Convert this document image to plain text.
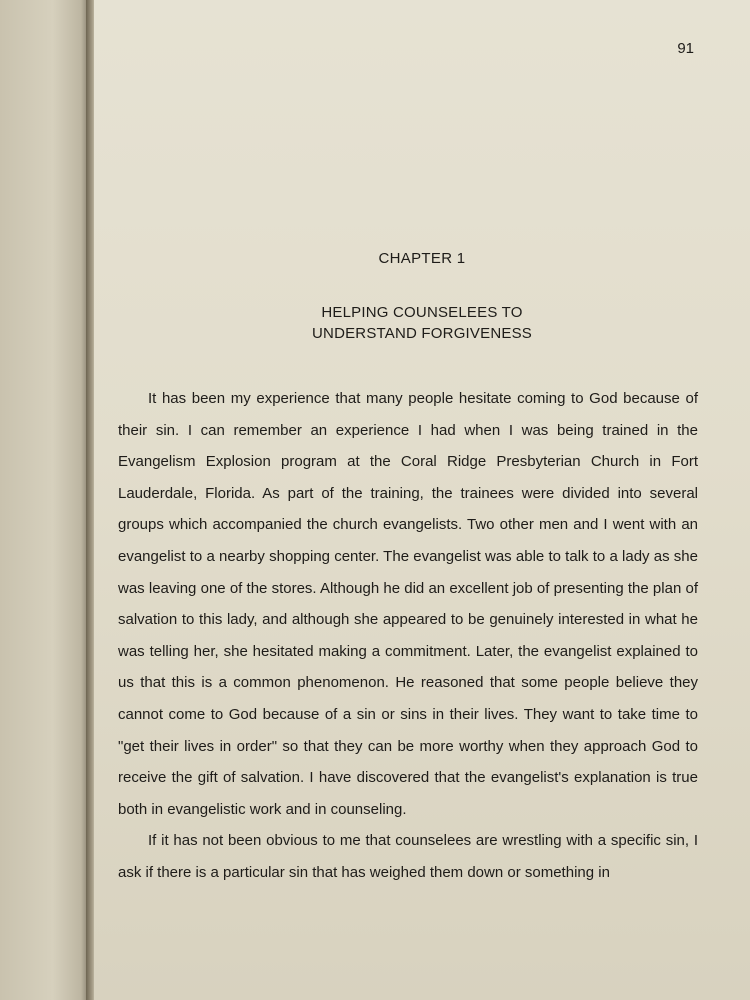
91
CHAPTER 1
HELPING COUNSELEES TO
UNDERSTAND FORGIVENESS

It has been my experience that many people hesitate coming to God because of their sin. I can remember an experience I had when I was being trained in the Evangelism Explosion program at the Coral Ridge Presbyterian Church in Fort Lauderdale, Florida. As part of the training, the trainees were divided into several groups which accompanied the church evangelists. Two other men and I went with an evangelist to a nearby shopping center. The evangelist was able to talk to a lady as she was leaving one of the stores. Although he did an excellent job of presenting the plan of salvation to this lady, and although she appeared to be genuinely interested in what he was telling her, she hesitated making a commitment. Later, the evangelist explained to us that this is a common phenomenon. He reasoned that some people believe they cannot come to God because of a sin or sins in their lives. They want to take time to "get their lives in order" so that they can be more worthy when they approach God to receive the gift of salvation. I have discovered that the evangelist's explanation is true both in evangelistic work and in counseling.

If it has not been obvious to me that counselees are wrestling with a specific sin, I ask if there is a particular sin that has weighed them down or something in
